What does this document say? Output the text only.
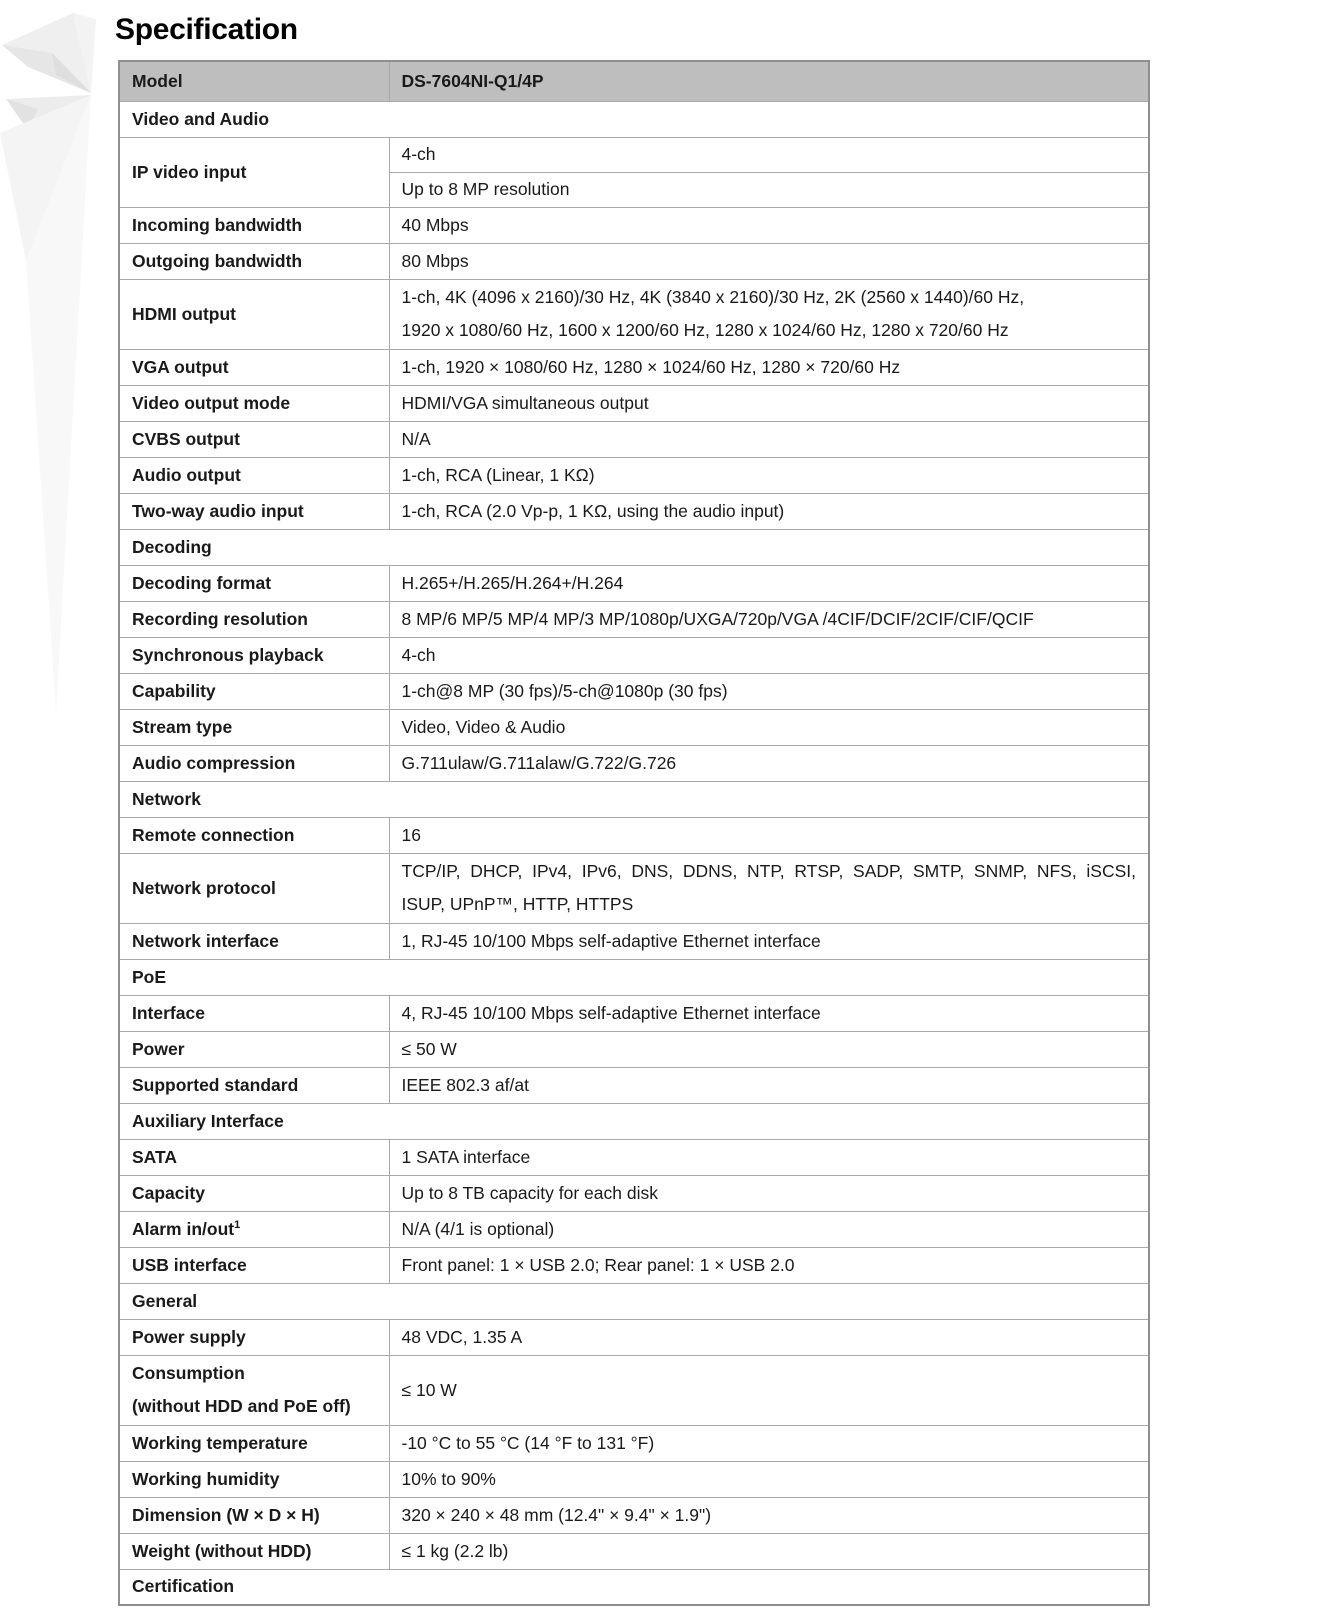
Specification
Model	DS-7604NI-Q1/4P
Video and Audio	
IP video input	4-ch
	Up to 8 MP resolution
Incoming bandwidth	40 Mbps
Outgoing bandwidth	80 Mbps
HDMI output	1-ch, 4K (4096 x 2160)/30 Hz, 4K (3840 x 2160)/30 Hz, 2K (2560 x 1440)/60 Hz,
1920 x 1080/60 Hz, 1600 x 1200/60 Hz, 1280 x 1024/60 Hz, 1280 x 720/60 Hz

VGA output	1-ch, 1920 × 1080/60 Hz, 1280 × 1024/60 Hz, 1280 × 720/60 Hz
Video output mode	HDMI/VGA simultaneous output
CVBS output	N/A
Audio output	1-ch, RCA (Linear, 1 KΩ)
Two-way audio input	1-ch, RCA (2.0 Vp-p, 1 KΩ, using the audio input)
Decoding	
Decoding format	H.265+/H.265/H.264+/H.264
Recording resolution	8 MP/6 MP/5 MP/4 MP/3 MP/1080p/UXGA/720p/VGA /4CIF/DCIF/2CIF/CIF/QCIF
Synchronous playback	4-ch
Capability	1-ch@8 MP (30 fps)/5-ch@1080p (30 fps)
Stream type	Video, Video & Audio
Audio compression	G.711ulaw/G.711alaw/G.722/G.726
Network	
Remote connection	16
Network protocol	TCP/IP, DHCP, IPv4, IPv6, DNS, DDNS, NTP, RTSP, SADP, SMTP, SNMP, NFS, iSCSI,
ISUP, UPnP™, HTTP, HTTPS

Network interface	1, RJ-45 10/100 Mbps self-adaptive Ethernet interface
PoE	
Interface	4, RJ-45 10/100 Mbps self-adaptive Ethernet interface
Power	≤ 50 W
Supported standard	IEEE 802.3 af/at
Auxiliary Interface	
SATA	1 SATA interface
Capacity	Up to 8 TB capacity for each disk
Alarm in/out$^1$	N/A (4/1 is optional)
USB interface	Front panel: 1 × USB 2.0; Rear panel: 1 × USB 2.0
General	
Power supply	48 VDC, 1.35 A

Consumption
(without HDD and PoE off)	≤ 10 W
Working temperature	-10 °C to 55 °C (14 °F to 131 °F)
Working humidity	10% to 90%
Dimension (W × D × H)	320 × 240 × 48 mm (12.4" × 9.4" × 1.9")
Weight (without HDD)	≤ 1 kg (2.2 lb)
Certification	
